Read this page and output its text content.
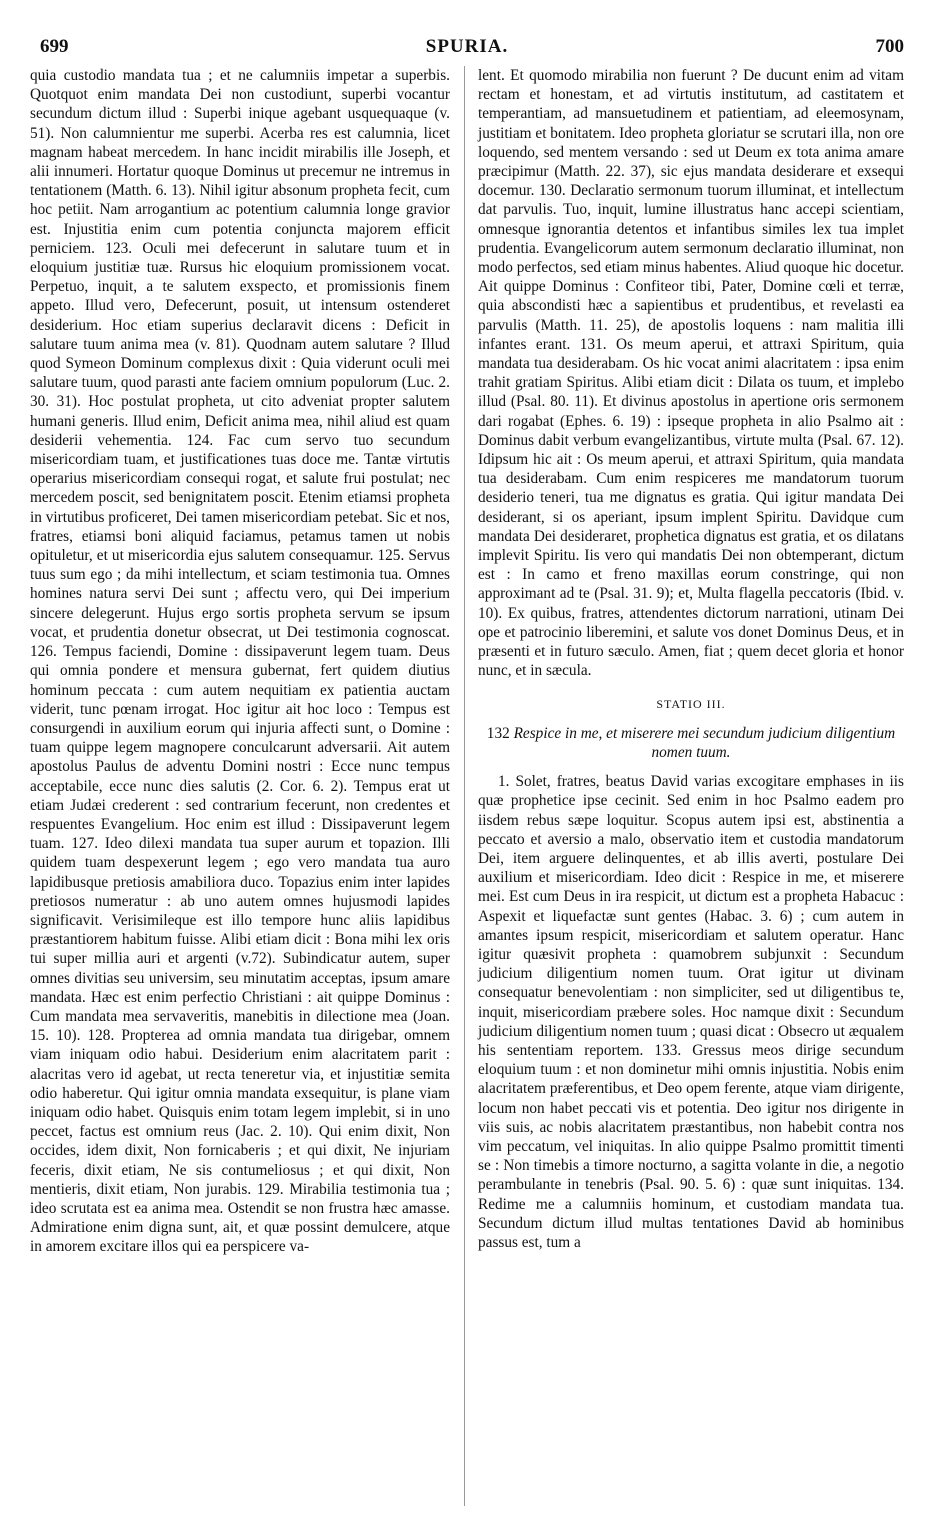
699	SPURIA.	700

quia custodio mandata tua ; et ne calumniis impetar a superbis. Quotquot enim mandata Dei non custodiunt, superbi vocantur secundum dictum illud : Superbi inique agebant usquequaque (v. 51). Non calumnientur me superbi. Acerba res est calumnia, licet magnam habeat mercedem. In hanc incidit mirabilis ille Joseph, et alii innumeri. Hortatur quoque Dominus ut precemur ne intremus in tentationem (Matth. 6. 13). Nihil igitur absonum propheta fecit, cum hoc petiit. Nam arrogantium ac potentium calumnia longe gravior est. Injustitia enim cum potentia conjuncta majorem efficit perniciem. 123. Oculi mei defecerunt in salutare tuum et in eloquium justitiæ tuæ. Rursus hic eloquium promissionem vocat. Perpetuo, inquit, a te salutem exspecto, et promissionis finem appeto. Illud vero, Defecerunt, posuit, ut intensum ostenderet desiderium. Hoc etiam superius declaravit dicens : Deficit in salutare tuum anima mea (v. 81). Quodnam autem salutare ? Illud quod Symeon Dominum complexus dixit : Quia viderunt oculi mei salutare tuum, quod parasti ante faciem omnium populorum (Luc. 2. 30. 31). Hoc postulat propheta, ut cito adveniat propter salutem humani generis. Illud enim, Deficit anima mea, nihil aliud est quam desiderii vehementia. 124. Fac cum servo tuo secundum misericordiam tuam, et justificationes tuas doce me. Tantæ virtutis operarius misericordiam consequi rogat, et salute frui postulat; nec mercedem poscit, sed benignitatem poscit. Etenim etiamsi propheta in virtutibus proficeret, Dei tamen misericordiam petebat. Sic et nos, fratres, etiamsi boni aliquid faciamus, petamus tamen ut nobis opituletur, et ut misericordia ejus salutem consequamur. 125. Servus tuus sum ego ; da mihi intellectum, et sciam testimonia tua. Omnes homines natura servi Dei sunt ; affectu vero, qui Dei imperium sincere delegerunt. Hujus ergo sortis propheta servum se ipsum vocat, et prudentia donetur obsecrat, ut Dei testimonia cognoscat. 126. Tempus faciendi, Domine : dissipaverunt legem tuam. Deus qui omnia pondere et mensura gubernat, fert quidem diutius hominum peccata : cum autem nequitiam ex patientia auctam viderit, tunc pœnam irrogat. Hoc igitur ait hoc loco : Tempus est consurgendi in auxilium eorum qui injuria affecti sunt, o Domine : tuam quippe legem magnopere conculcarunt adversarii. Ait autem apostolus Paulus de adventu Domini nostri : Ecce nunc tempus acceptabile, ecce nunc dies salutis (2. Cor. 6. 2). Tempus erat ut etiam Judæi crederent : sed contrarium fecerunt, non credentes et respuentes Evangelium. Hoc enim est illud : Dissipaverunt legem tuam. 127. Ideo dilexi mandata tua super aurum et topazion. Illi quidem tuam despexerunt legem ; ego vero mandata tua auro lapidibusque pretiosis amabiliora duco. Topazius enim inter lapides pretiosos numeratur : ab uno autem omnes hujusmodi lapides significavit. Verisimileque est illo tempore hunc aliis lapidibus præstantiorem habitum fuisse. Alibi etiam dicit : Bona mihi lex oris tui super millia auri et argenti (v.72). Subindicatur autem, super omnes divitias seu universim, seu minutatim acceptas, ipsum amare mandata. Hæc est enim perfectio Christiani : ait quippe Dominus : Cum mandata mea servaveritis, manebitis in dilectione mea (Joan. 15. 10). 128. Propterea ad omnia mandata tua dirigebar, omnem viam iniquam odio habui. Desiderium enim alacritatem parit : alacritas vero id agebat, ut recta teneretur via, et injustitiæ semita odio haberetur. Qui igitur omnia mandata exsequitur, is plane viam iniquam odio habet. Quisquis enim totam legem implebit, si in uno peccet, factus est omnium reus (Jac. 2. 10). Qui enim dixit, Non occides, idem dixit, Non fornicaberis ; et qui dixit, Ne injuriam feceris, dixit etiam, Ne sis contumeliosus ; et qui dixit, Non mentieris, dixit etiam, Non jurabis. 129. Mirabilia testimonia tua ; ideo scrutata est ea anima mea. Ostendit se non frustra hæc amasse. Admiratione enim digna sunt, ait, et quæ possint demulcere, atque in amorem excitare illos qui ea perspicere va-

lent. Et quomodo mirabilia non fuerunt ? De ducunt enim ad vitam rectam et honestam, et ad virtutis institutum, ad castitatem et temperantiam, ad mansuetudinem et patientiam, ad eleemosynam, justitiam et bonitatem. Ideo propheta gloriatur se scrutari illa, non ore loquendo, sed mentem versando : sed ut Deum ex tota anima amare præcipimur (Matth. 22. 37), sic ejus mandata desiderare et exsequi docemur. 130. Declaratio sermonum tuorum illuminat, et intellectum dat parvulis. Tuo, inquit, lumine illustratus hanc accepi scientiam, omnesque ignorantia detentos et infantibus similes lex tua implet prudentia. Evangelicorum autem sermonum declaratio illuminat, non modo perfectos, sed etiam minus habentes. Aliud quoque hic docetur. Ait quippe Dominus : Confiteor tibi, Pater, Domine cœli et terræ, quia abscondisti hæc a sapientibus et prudentibus, et revelasti ea parvulis (Matth. 11. 25), de apostolis loquens : nam malitia illi infantes erant. 131. Os meum aperui, et attraxi Spiritum, quia mandata tua desiderabam. Os hic vocat animi alacritatem : ipsa enim trahit gratiam Spiritus. Alibi etiam dicit : Dilata os tuum, et implebo illud (Psal. 80. 11). Et divinus apostolus in apertione oris sermonem dari rogabat (Ephes. 6. 19) : ipseque propheta in alio Psalmo ait : Dominus dabit verbum evangelizantibus, virtute multa (Psal. 67. 12). Idipsum hic ait : Os meum aperui, et attraxi Spiritum, quia mandata tua desiderabam. Cum enim respiceres me mandatorum tuorum desiderio teneri, tua me dignatus es gratia. Qui igitur mandata Dei desiderant, si os aperiant, ipsum implent Spiritu. Davidque cum mandata Dei desideraret, prophetica dignatus est gratia, et os dilatans implevit Spiritu. Iis vero qui mandatis Dei non obtemperant, dictum est : In camo et freno maxillas eorum constringe, qui non approximant ad te (Psal. 31. 9); et, Multa flagella peccatoris (Ibid. v. 10). Ex quibus, fratres, attendentes dictorum narrationi, utinam Dei ope et patrocinio liberemini, et salute vos donet Dominus Deus, et in præsenti et in futuro sæculo. Amen, fiat ; quem decet gloria et honor nunc, et in sæcula.

STATIO III.
132 Respice in me, et miserere mei secundum judicium diligentium nomen tuum.

1. Solet, fratres, beatus David varias excogitare emphases in iis quæ prophetice ipse cecinit. Sed enim in hoc Psalmo eadem pro iisdem rebus sæpe loquitur. Scopus autem ipsi est, abstinentia a peccato et aversio a malo, observatio item et custodia mandatorum Dei, item arguere delinquentes, et ab illis averti, postulare Dei auxilium et misericordiam. Ideo dicit : Respice in me, et miserere mei. Est cum Deus in ira respicit, ut dictum est a propheta Habacuc : Aspexit et liquefactæ sunt gentes (Habac. 3. 6) ; cum autem in amantes ipsum respicit, misericordiam et salutem operatur. Hanc igitur quæsivit propheta : quamobrem subjunxit : Secundum judicium diligentium nomen tuum. Orat igitur ut divinam consequatur benevolentiam : non simpliciter, sed ut diligentibus te, inquit, misericordiam præbere soles. Hoc namque dixit : Secundum judicium diligentium nomen tuum ; quasi dicat : Obsecro ut æqualem his sententiam reportem. 133. Gressus meos dirige secundum eloquium tuum : et non dominetur mihi omnis injustitia. Nobis enim alacritatem præferentibus, et Deo opem ferente, atque viam dirigente, locum non habet peccati vis et potentia. Deo igitur nos dirigente in viis suis, ac nobis alacritatem præstantibus, non habebit contra nos vim peccatum, vel iniquitas. In alio quippe Psalmo promittit timenti se : Non timebis a timore nocturno, a sagitta volante in die, a negotio perambulante in tenebris (Psal. 90. 5. 6) : quæ sunt iniquitas. 134. Redime me a calumniis hominum, et custodiam mandata tua. Secundum dictum illud multas tentationes David ab hominibus passus est, tum a
